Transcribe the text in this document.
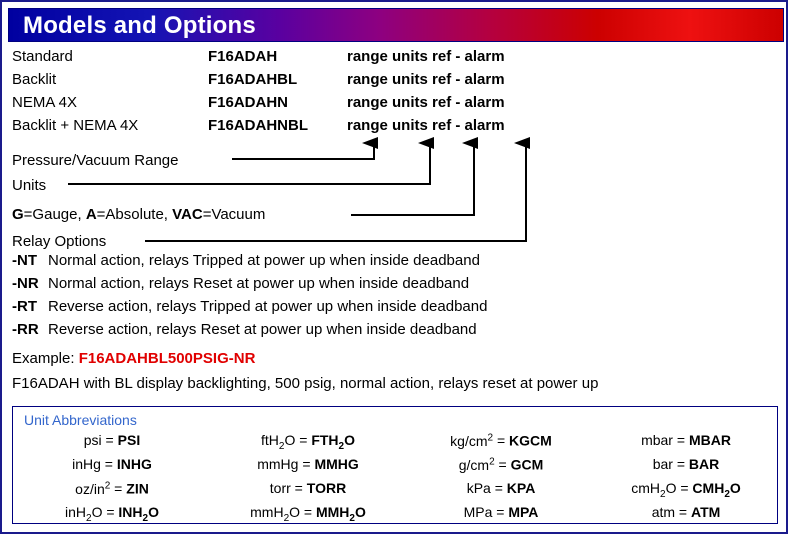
Models and Options
Standard	F16ADAH	range units ref - alarm
Backlit	F16ADAHBL	range units ref - alarm
NEMA 4X	F16ADAHN	range units ref - alarm
Backlit + NEMA 4X	F16ADAHNBL	range units ref - alarm
Pressure/Vacuum Range
Units
G=Gauge, A=Absolute, VAC=Vacuum
Relay Options
-NT Normal action, relays Tripped at power up when inside deadband
-NR Normal action, relays Reset at power up when inside deadband
-RT Reverse action, relays Tripped at power up when inside deadband
-RR Reverse action, relays Reset at power up when inside deadband
Example: F16ADAHBL500PSIG-NR
F16ADAH with BL display backlighting, 500 psig, normal action, relays reset at power up
Unit Abbreviations
psi = PSI	$ftH_2O = FTH_2O$	$kg/cm^2$ = KGCM	mbar = MBAR
inHg = INHG	mmHg = MMHG	$g/cm^2$ = GCM	bar = BAR
$oz/in^2$ = ZIN	torr = TORR	kPa = KPA	$cmH_2O = CMH_2O$
$inH_2O = INH_2O$	$mmH_2O = MMH_2O$	MPa = MPA	atm = ATM
